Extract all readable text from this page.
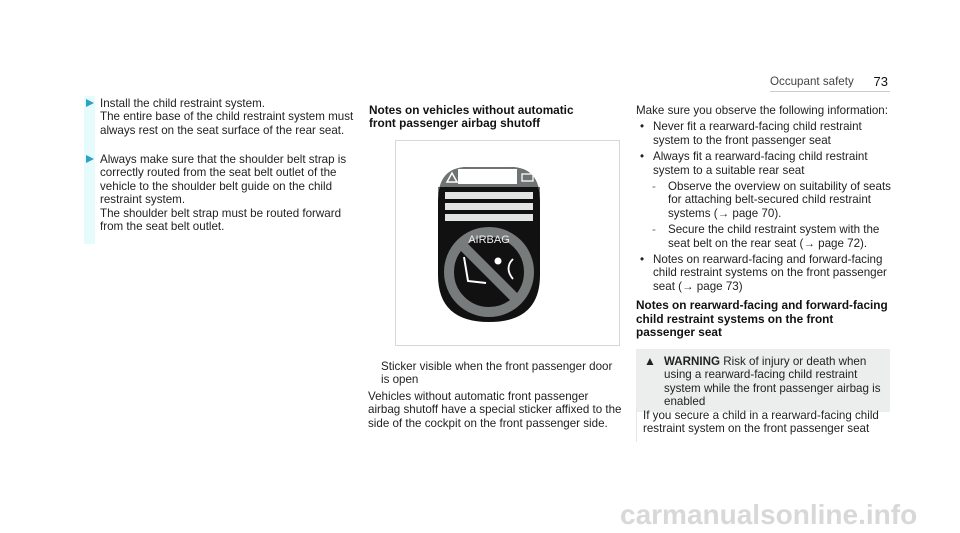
Occupant safety 73

Install the child restraint system.

The entire base of the child restraint system must always rest on the seat surface of the rear seat.

Always make sure that the shoulder belt strap is correctly routed from the seat belt outlet of the vehicle to the shoulder belt guide on the child restraint system.

The shoulder belt strap must be routed forward from the seat belt outlet.

Notes on vehicles without automatic front passenger airbag shutoff
AIRBAG

Sticker visible when the front passenger door is open

Vehicles without automatic front passenger airbag shutoff have a special sticker affixed to the side of the cockpit on the front passenger side.

Make sure you observe the following information:

• Never fit a rearward-facing child restraint system to the front passenger seat
• Always fit a rearward-facing child restraint system to a suitable rear seat
- Observe the overview on suitability of seats for attaching belt-secured child restraint systems (→ page 70).
- Secure the child restraint system with the seat belt on the rear seat (→ page 72).
• Notes on rearward-facing and forward-facing child restraint systems on the front passenger seat (→ page 73)
Notes on rearward-facing and forward-facing child restraint systems on the front passenger seat
▲ WARNING Risk of injury or death when using a rearward-facing child restraint system while the front passenger airbag is enabled
If you secure a child in a rearward-facing child restraint system on the front passenger seat
carmanualsonline.info
